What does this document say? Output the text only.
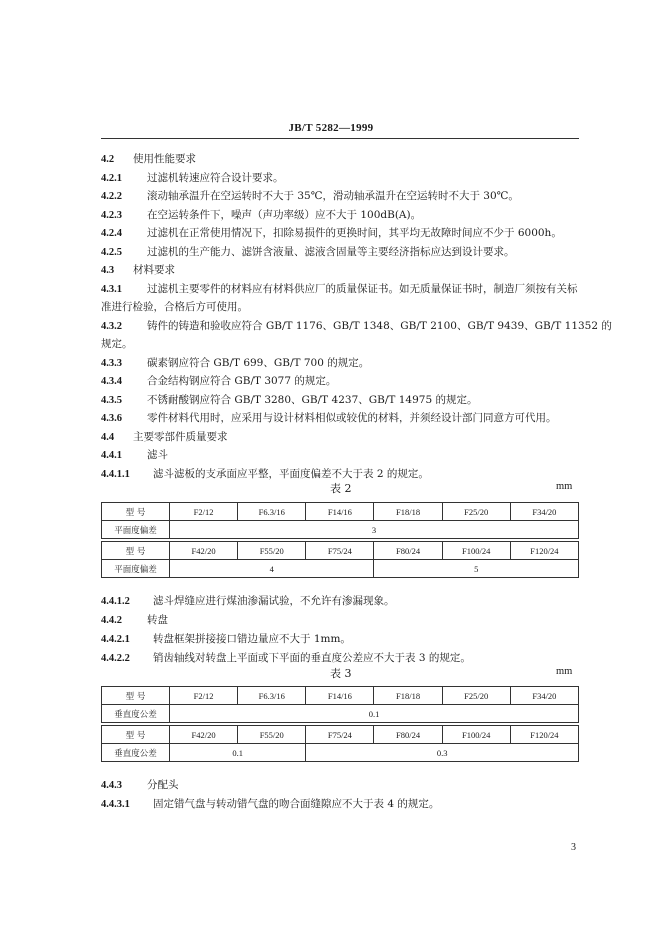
JB/T 5282—1999
4.2 使用性能要求
4.2.1 过滤机转速应符合设计要求。
4.2.2 滚动轴承温升在空运转时不大于 35℃，滑动轴承温升在空运转时不大于 30℃。
4.2.3 在空运转条件下，噪声（声功率级）应不大于 100dB(A)。
4.2.4 过滤机在正常使用情况下，扣除易损件的更换时间，其平均无故障时间应不少于 6000h。
4.2.5 过滤机的生产能力、滤饼含液量、滤液含固量等主要经济指标应达到设计要求。
4.3 材料要求
4.3.1 过滤机主要零件的材料应有材料供应厂的质量保证书。如无质量保证书时，制造厂须按有关标
准进行检验，合格后方可使用。
4.3.2 铸件的铸造和验收应符合 GB/T 1176、GB/T 1348、GB/T 2100、GB/T 9439、GB/T 11352 的
规定。
4.3.3 碳素钢应符合 GB/T 699、GB/T 700 的规定。
4.3.4 合金结构钢应符合 GB/T 3077 的规定。
4.3.5 不锈耐酸钢应符合 GB/T 3280、GB/T 4237、GB/T 14975 的规定。
4.3.6 零件材料代用时，应采用与设计材料相似或较优的材料，并须经设计部门同意方可代用。
4.4 主要零部件质量要求
4.4.1 滤斗
4.4.1.1 滤斗滤板的支承面应平整，平面度偏差不大于表 2 的规定。
表 2	mm
型 号	F2/12	F6.3/16	F14/16	F18/18	F25/20	F34/20
平面度偏差	3					
型 号	F42/20	F55/20	F75/24	F80/24	F100/24	F120/24
平面度偏差	4			5		
4.4.1.2 滤斗焊缝应进行煤油渗漏试验，不允许有渗漏现象。
4.4.2 转盘
4.4.2.1 转盘框架拼接接口错边量应不大于 1mm。
4.4.2.2 销齿轴线对转盘上平面或下平面的垂直度公差应不大于表 3 的规定。
表 3	mm
型 号	F2/12	F6.3/16	F14/16	F18/18	F25/20	F34/20
垂直度公差	0.1					
型 号	F42/20	F55/20	F75/24	F80/24	F100/24	F120/24
垂直度公差	0.1		0.3			
4.4.3 分配头
4.4.3.1 固定错气盘与转动错气盘的吻合面缝隙应不大于表 4 的规定。
3
